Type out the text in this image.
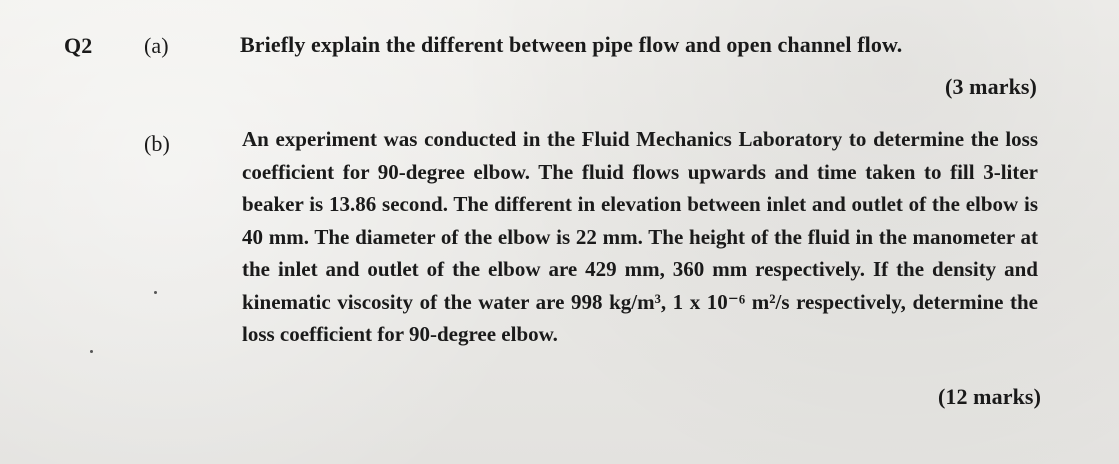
Q2 (a)	Briefly explain the different between pipe flow and open channel flow.
(3 marks)
(b)	An experiment was conducted in the Fluid Mechanics Laboratory to determine the loss coefficient for 90-degree elbow. The fluid flows upwards and time taken to fill 3-liter beaker is 13.86 second. The different in elevation between inlet and outlet of the elbow is 40 mm. The diameter of the elbow is 22 mm. The height of the fluid in the manometer at the inlet and outlet of the elbow are 429 mm, 360 mm respectively. If the density and kinematic viscosity of the water are 998 kg/m³, 1 x 10⁻⁶ m²/s respectively, determine the loss coefficient for 90-degree elbow.
(12 marks)
